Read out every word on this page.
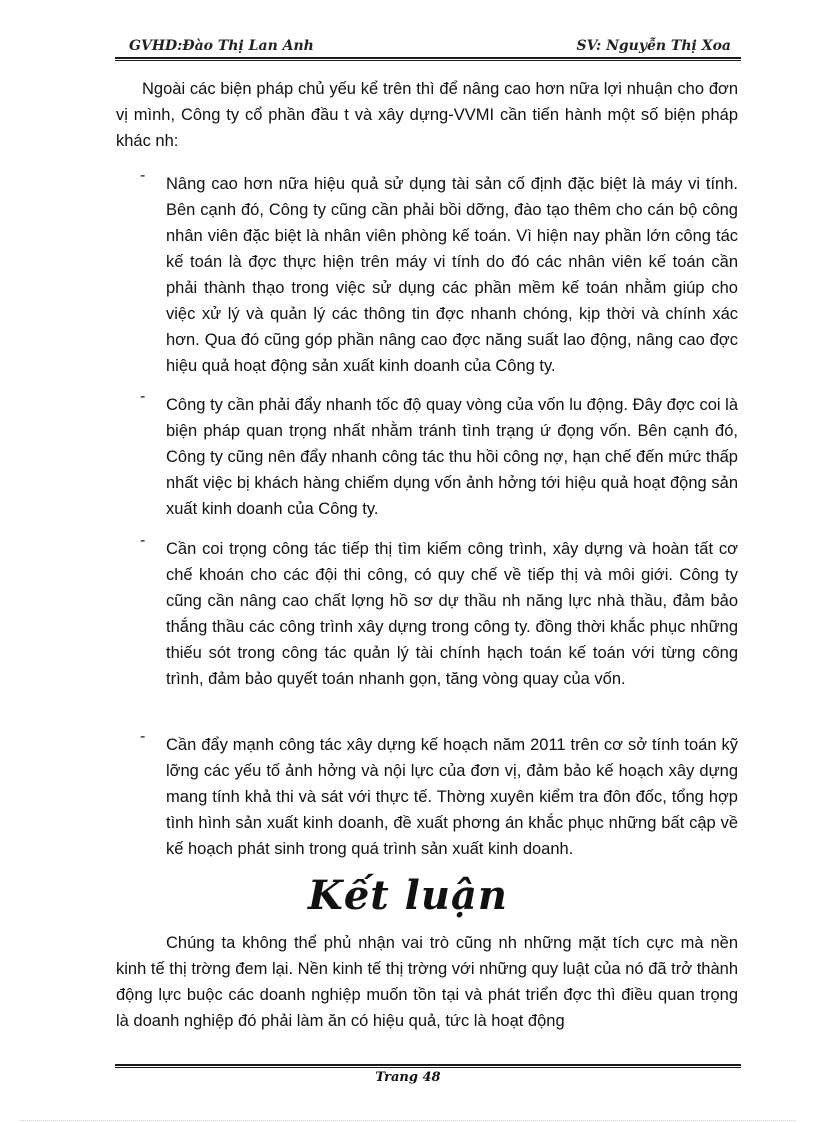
GVHD:Đào Thị Lan Anh	SV: Nguyễn Thị Xoa

Ngoài các biện pháp chủ yếu kể trên thì để nâng cao hơn nữa lợi nhuận cho đơn vị mình, Công ty cổ phần đầu t và xây dựng-VVMI cần tiến hành một số biện pháp khác nh:

- Nâng cao hơn nữa hiệu quả sử dụng tài sản cố định đặc biệt là máy vi tính. Bên cạnh đó, Công ty cũng cần phải bồi dỡng, đào tạo thêm cho cán bộ công nhân viên đặc biệt là nhân viên phòng kế toán. Vì hiện nay phần lớn công tác kế toán là đợc thực hiện trên máy vi tính do đó các nhân viên kế toán cần phải thành thạo trong việc sử dụng các phần mềm kế toán nhằm giúp cho việc xử lý và quản lý các thông tin đợc nhanh chóng, kịp thời và chính xác hơn. Qua đó cũng góp phần nâng cao đợc năng suất lao động, nâng cao đợc hiệu quả hoạt động sản xuất kinh doanh của Công ty.

- Công ty cần phải đẩy nhanh tốc độ quay vòng của vốn lu động. Đây đợc coi là biện pháp quan trọng nhất nhằm tránh tình trạng ứ đọng vốn. Bên cạnh đó, Công ty cũng nên đẩy nhanh công tác thu hồi công nợ, hạn chế đến mức thấp nhất việc bị khách hàng chiếm dụng vốn ảnh hởng tới hiệu quả hoạt động sản xuất kinh doanh của Công ty.

- Cần coi trọng công tác tiếp thị tìm kiếm công trình, xây dựng và hoàn tất cơ chế khoán cho các đội thi công, có quy chế về tiếp thị và môi giới. Công ty cũng cần nâng cao chất lợng hồ sơ dự thầu nh năng lực nhà thầu, đảm bảo thắng thầu các công trình xây dựng trong công ty. đồng thời khắc phục những thiếu sót trong công tác quản lý tài chính hạch toán kế toán với từng công trình, đảm bảo quyết toán nhanh gọn, tăng vòng quay của vốn.

- Cần đẩy mạnh công tác xây dựng kế hoạch năm 2011 trên cơ sở tính toán kỹ lỡng các yếu tố ảnh hởng và nội lực của đơn vị, đảm bảo kế hoạch xây dựng mang tính khả thi và sát với thực tế. Thờng xuyên kiểm tra đôn đốc, tổng hợp tình hình sản xuất kinh doanh, đề xuất phơng án khắc phục những bất cập về kế hoạch phát sinh trong quá trình sản xuất kinh doanh.

Kết luận

Chúng ta không thể phủ nhận vai trò cũng nh những mặt tích cực mà nền kinh tế thị trờng đem lại. Nền kinh tế thị trờng với những quy luật của nó đã trở thành động lực buộc các doanh nghiệp muốn tồn tại và phát triển đợc thì điều quan trọng là doanh nghiệp đó phải làm ăn có hiệu quả, tức là hoạt động

Trang 48
